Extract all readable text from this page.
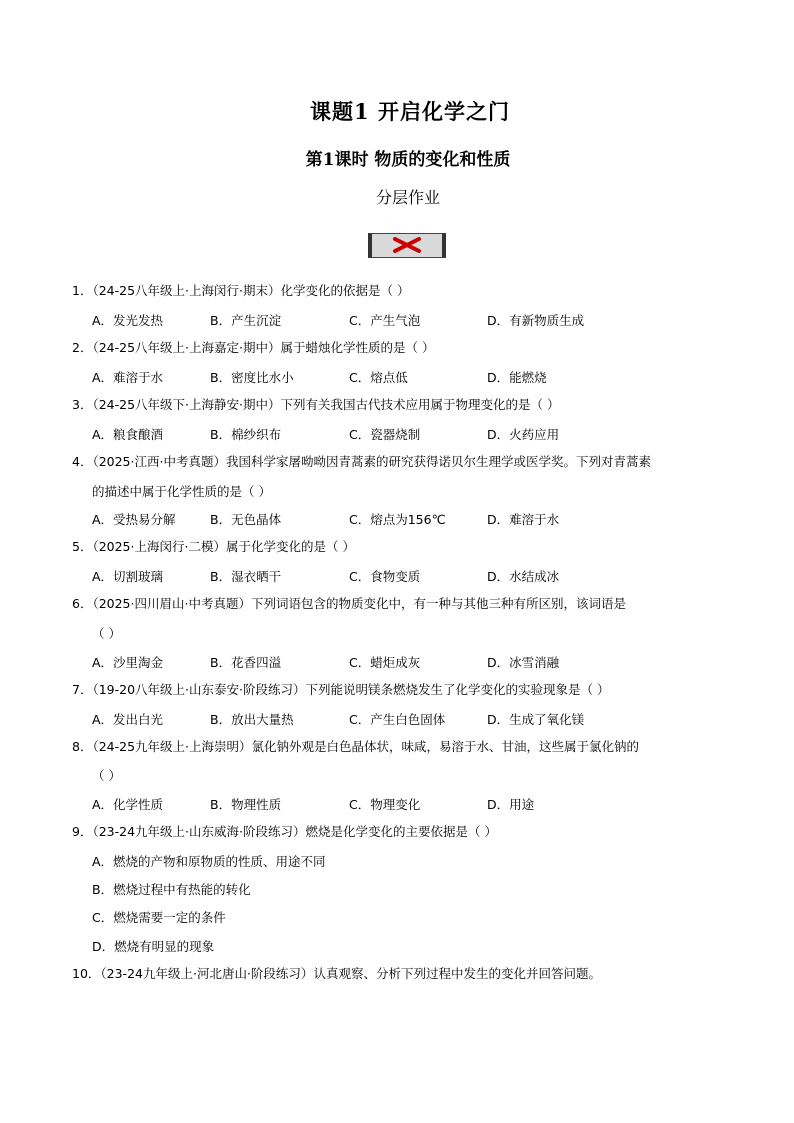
课题1 开启化学之门
第1课时 物质的变化和性质
分层作业
1．（24-25八年级上·上海闵行·期末）化学变化的依据是（ ）
A．发光发热	B．产生沉淀	C．产生气泡	D．有新物质生成
2．（24-25八年级上·上海嘉定·期中）属于蜡烛化学性质的是（ ）
A．难溶于水	B．密度比水小	C．熔点低	D．能燃烧
3．（24-25八年级下·上海静安·期中）下列有关我国古代技术应用属于物理变化的是（ ）
A．粮食酿酒	B．棉纱织布	C．瓷器烧制	D．火药应用
4．（2025·江西·中考真题）我国科学家屠呦呦因青蒿素的研究获得诺贝尔生理学或医学奖。下列对青蒿素
的描述中属于化学性质的是（ ）
A．受热易分解	B．无色晶体	C．熔点为156℃	D．难溶于水
5．（2025·上海闵行·二模）属于化学变化的是（ ）
A．切割玻璃	B．湿衣晒干	C．食物变质	D．水结成冰
6．（2025·四川眉山·中考真题）下列词语包含的物质变化中，有一种与其他三种有所区别，该词语是
（ ）
A．沙里淘金	B．花香四溢	C．蜡炬成灰	D．冰雪消融
7．（19-20八年级上·山东泰安·阶段练习）下列能说明镁条燃烧发生了化学变化的实验现象是（ ）
A．发出白光	B．放出大量热	C．产生白色固体	D．生成了氧化镁
8．（24-25九年级上·上海崇明）氯化钠外观是白色晶体状，味咸，易溶于水、甘油，这些属于氯化钠的
（ ）
A．化学性质	B．物理性质	C．物理变化	D．用途
9．（23-24九年级上·山东威海·阶段练习）燃烧是化学变化的主要依据是（ ）
A．燃烧的产物和原物质的性质、用途不同
B．燃烧过程中有热能的转化
C．燃烧需要一定的条件
D．燃烧有明显的现象
10．（23-24九年级上·河北唐山·阶段练习）认真观察、分析下列过程中发生的变化并回答问题。
